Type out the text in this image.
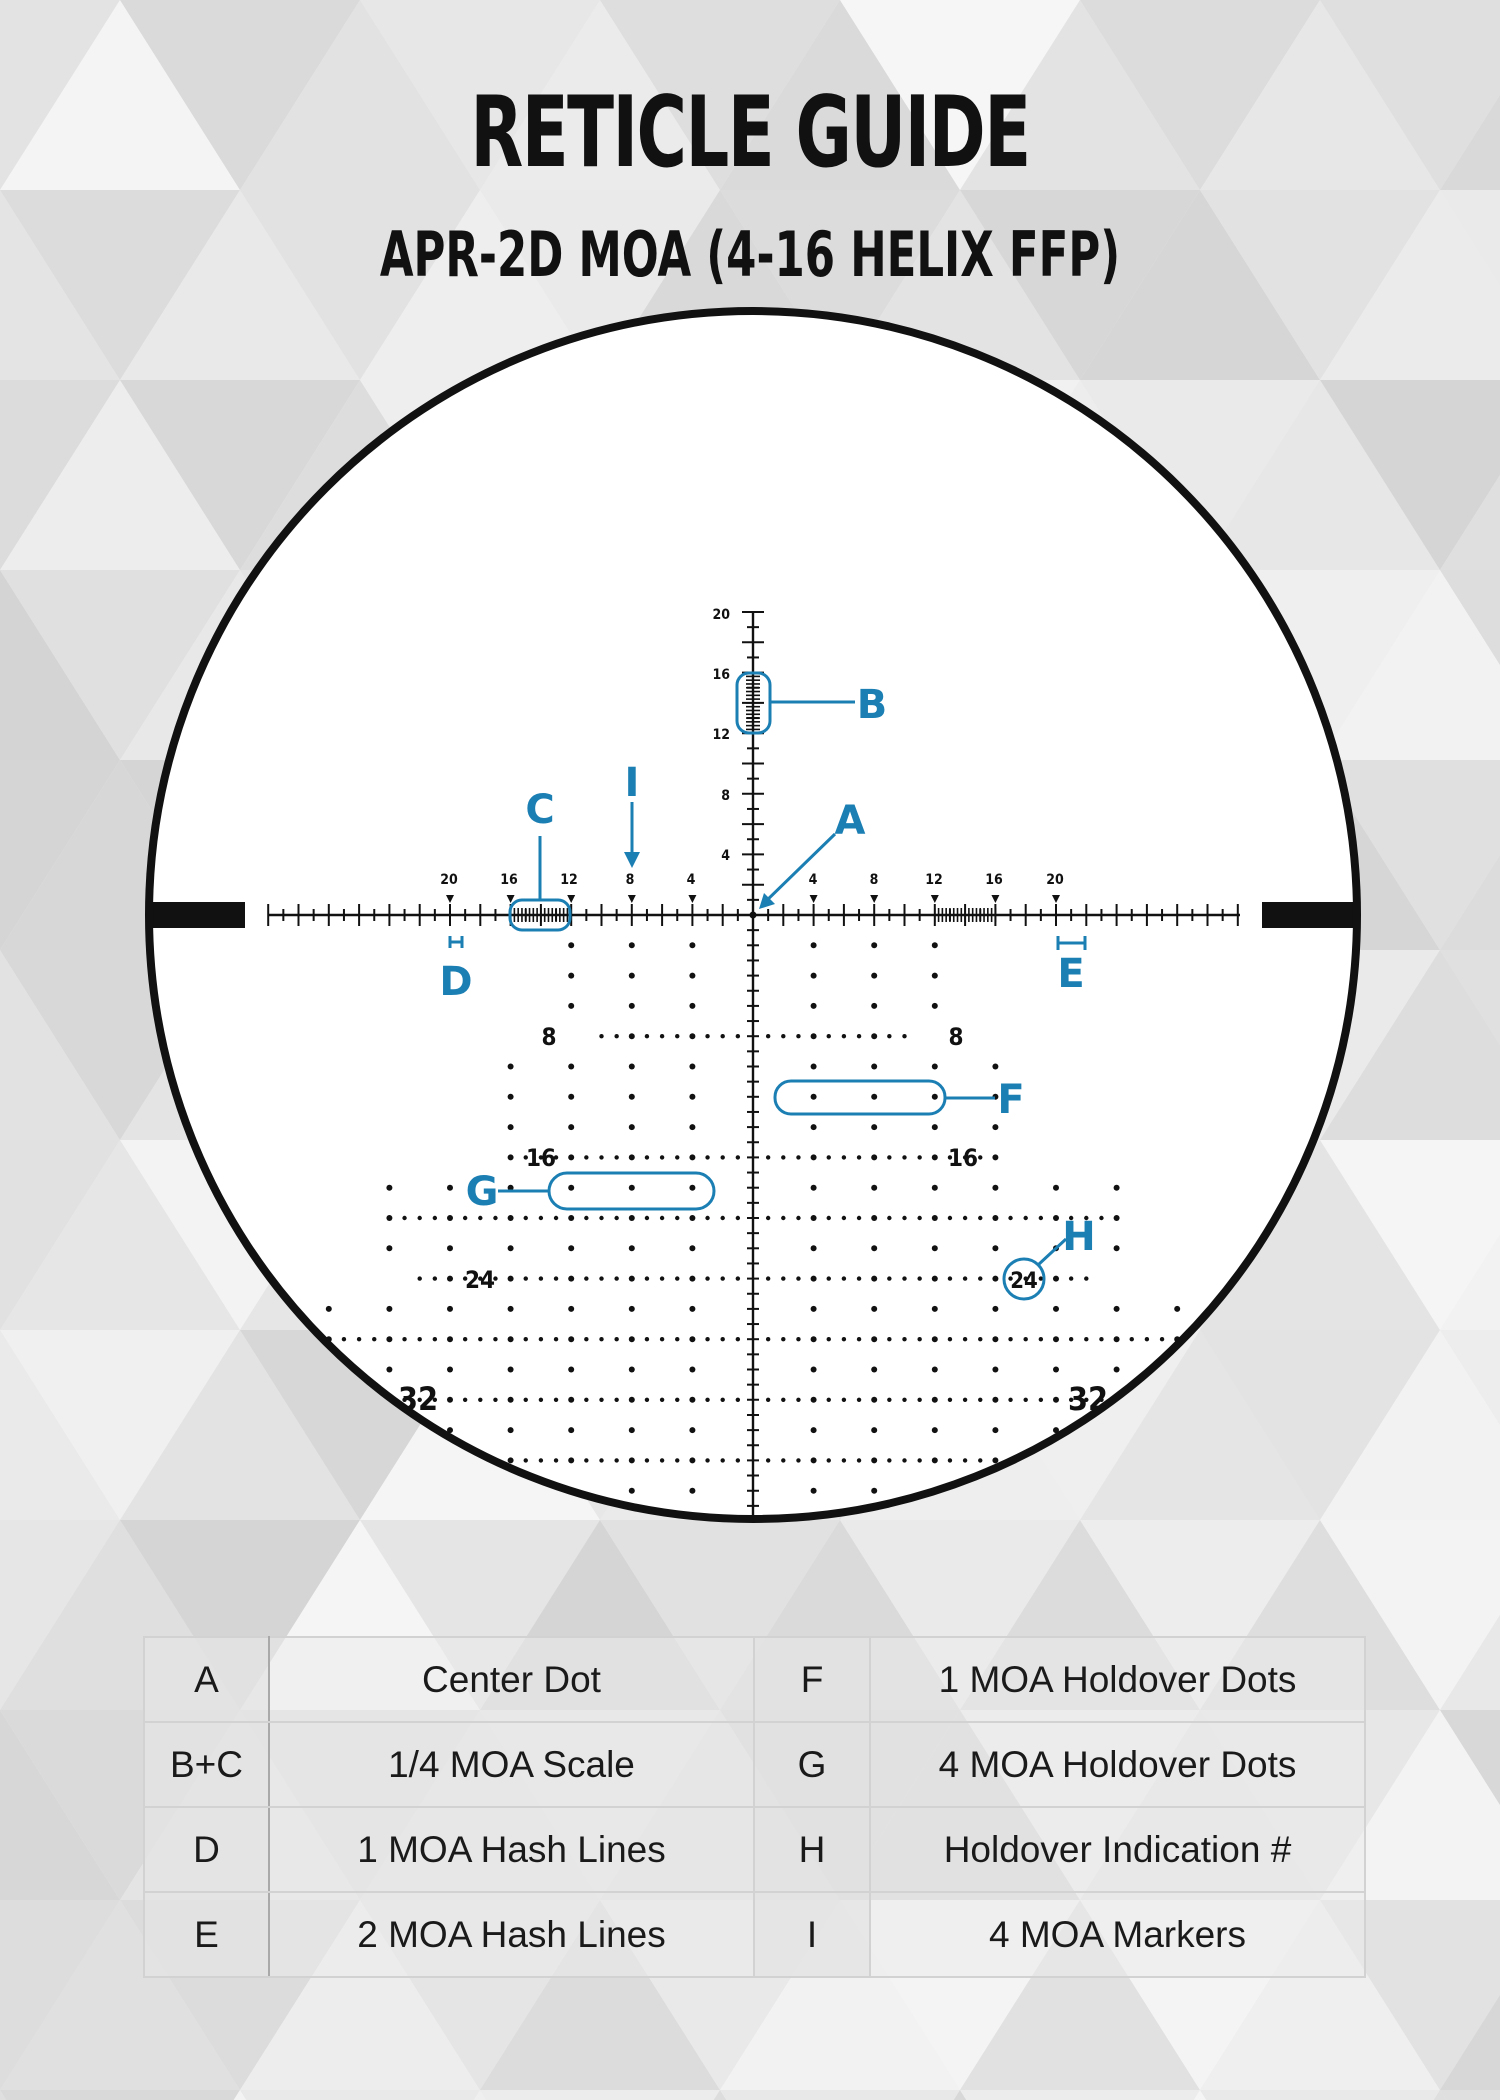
RETICLE GUIDE
APR-2D MOA (4-16 HELIX FFP)
20	16	12	8	4	4	8	12	16	20
20
16
12
8
4
8	8
16	16
24	24
32	32
A
B
C
I
D	E
F
G
H
A	Center Dot	F	1 MOA Holdover Dots
B+C	1/4 MOA Scale	G	4 MOA Holdover Dots
D	1 MOA Hash Lines	H	Holdover Indication #
E	2 MOA Hash Lines	I	4 MOA Markers
